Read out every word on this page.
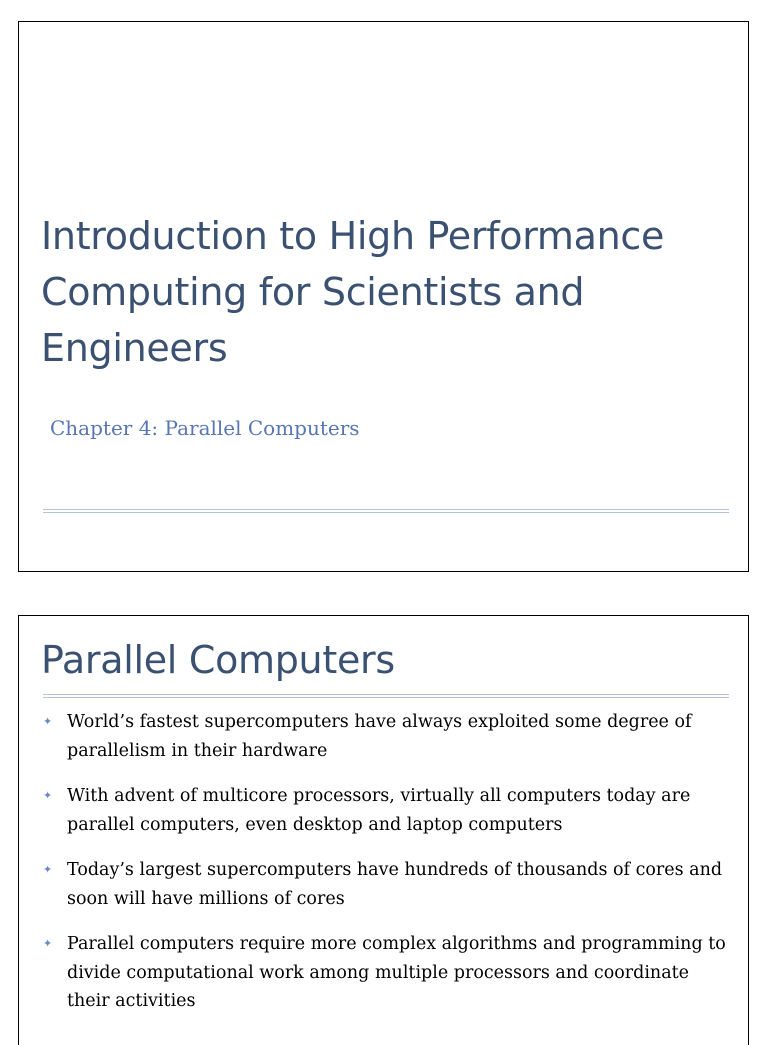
Introduction to High Performance Computing for Scientists and Engineers

Chapter 4: Parallel Computers

Parallel Computers
✦ World’s fastest supercomputers have always exploited some degree of parallelism in their hardware
✦ With advent of multicore processors, virtually all computers today are parallel computers, even desktop and laptop computers
✦ Today’s largest supercomputers have hundreds of thousands of cores and soon will have millions of cores
✦ Parallel computers require more complex algorithms and programming to divide computational work among multiple processors and coordinate their activities
